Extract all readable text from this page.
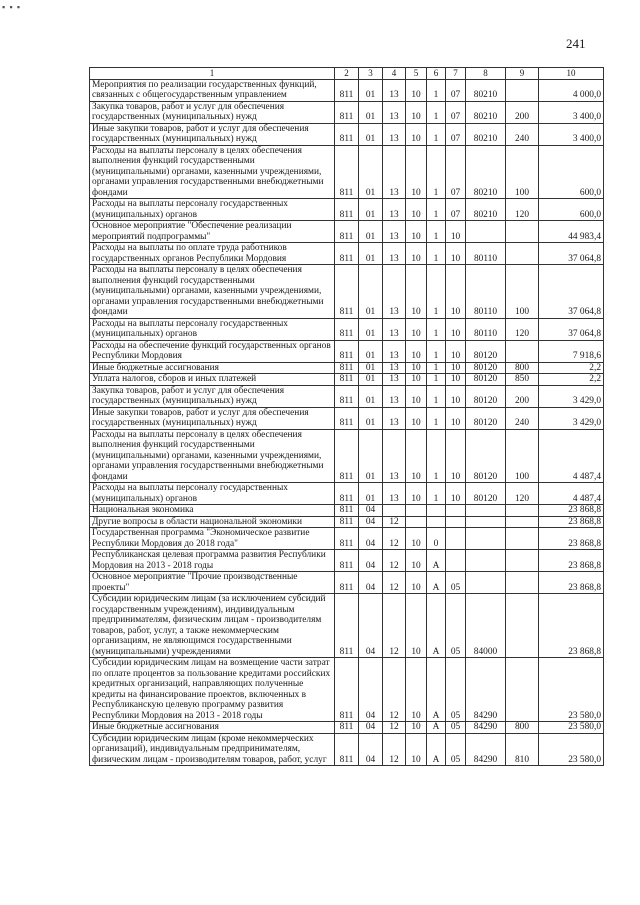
▪ ▪ ▪
241
1	2	3	4	5	6	7	8	9	10
Мероприятия по реализации государственных функций, связанных с общегосударственным управлением	811	01	13	10	1	07	80210		4 000,0
Закупка товаров, работ и услуг для обеспечения государственных (муниципальных) нужд	811	01	13	10	1	07	80210	200	3 400,0
Иные закупки товаров, работ и услуг для обеспечения государственных (муниципальных) нужд	811	01	13	10	1	07	80210	240	3 400,0
Расходы на выплаты персоналу в целях обеспечения выполнения функций государственными (муниципальными) органами, казенными учреждениями, органами управления государственными внебюджетными фондами	811	01	13	10	1	07	80210	100	600,0
Расходы на выплаты персоналу государственных (муниципальных) органов	811	01	13	10	1	07	80210	120	600,0
Основное мероприятие "Обеспечение реализации мероприятий подпрограммы"	811	01	13	10	1	10			44 983,4
Расходы на выплаты по оплате труда работников государственных органов Республики Мордовия	811	01	13	10	1	10	80110		37 064,8
Расходы на выплаты персоналу в целях обеспечения выполнения функций государственными (муниципальными) органами, казенными учреждениями, органами управления государственными внебюджетными фондами	811	01	13	10	1	10	80110	100	37 064,8
Расходы на выплаты персоналу государственных (муниципальных) органов	811	01	13	10	1	10	80110	120	37 064,8
Расходы на обеспечение функций государственных органов Республики Мордовия	811	01	13	10	1	10	80120		7 918,6
Иные бюджетные ассигнования	811	01	13	10	1	10	80120	800	2,2
Уплата налогов, сборов и иных платежей	811	01	13	10	1	10	80120	850	2,2
Закупка товаров, работ и услуг для обеспечения государственных (муниципальных) нужд	811	01	13	10	1	10	80120	200	3 429,0
Иные закупки товаров, работ и услуг для обеспечения государственных (муниципальных) нужд	811	01	13	10	1	10	80120	240	3 429,0
Расходы на выплаты персоналу в целях обеспечения выполнения функций государственными (муниципальными) органами, казенными учреждениями, органами управления государственными внебюджетными фондами	811	01	13	10	1	10	80120	100	4 487,4
Расходы на выплаты персоналу государственных (муниципальных) органов	811	01	13	10	1	10	80120	120	4 487,4
Национальная экономика	811	04							23 868,8
Другие вопросы в области национальной экономики	811	04	12						23 868,8
Государственная программа "Экономическое развитие Республики Мордовия до 2018 года"	811	04	12	10	0				23 868,8
Республиканская целевая программа развития Республики Мордовия на 2013 - 2018 годы	811	04	12	10	А				23 868,8
Основное мероприятие "Прочие производственные проекты"	811	04	12	10	А	05			23 868,8
Субсидии юридическим лицам (за исключением субсидий государственным учреждениям), индивидуальным предпринимателям, физическим лицам - производителям товаров, работ, услуг, а также некоммерческим организациям, не являющимся государственными (муниципальными) учреждениями	811	04	12	10	А	05	84000		23 868,8
Субсидии юридическим лицам на возмещение части затрат по оплате процентов за пользование кредитами российских кредитных организаций, направляющих полученные кредиты на финансирование проектов, включенных в Республиканскую целевую программу развития Республики Мордовия на 2013 - 2018 годы	811	04	12	10	А	05	84290		23 580,0
Иные бюджетные ассигнования	811	04	12	10	А	05	84290	800	23 580,0
Субсидии юридическим лицам (кроме некоммерческих организаций), индивидуальным предпринимателям, физическим лицам - производителям товаров, работ, услуг	811	04	12	10	А	05	84290	810	23 580,0
